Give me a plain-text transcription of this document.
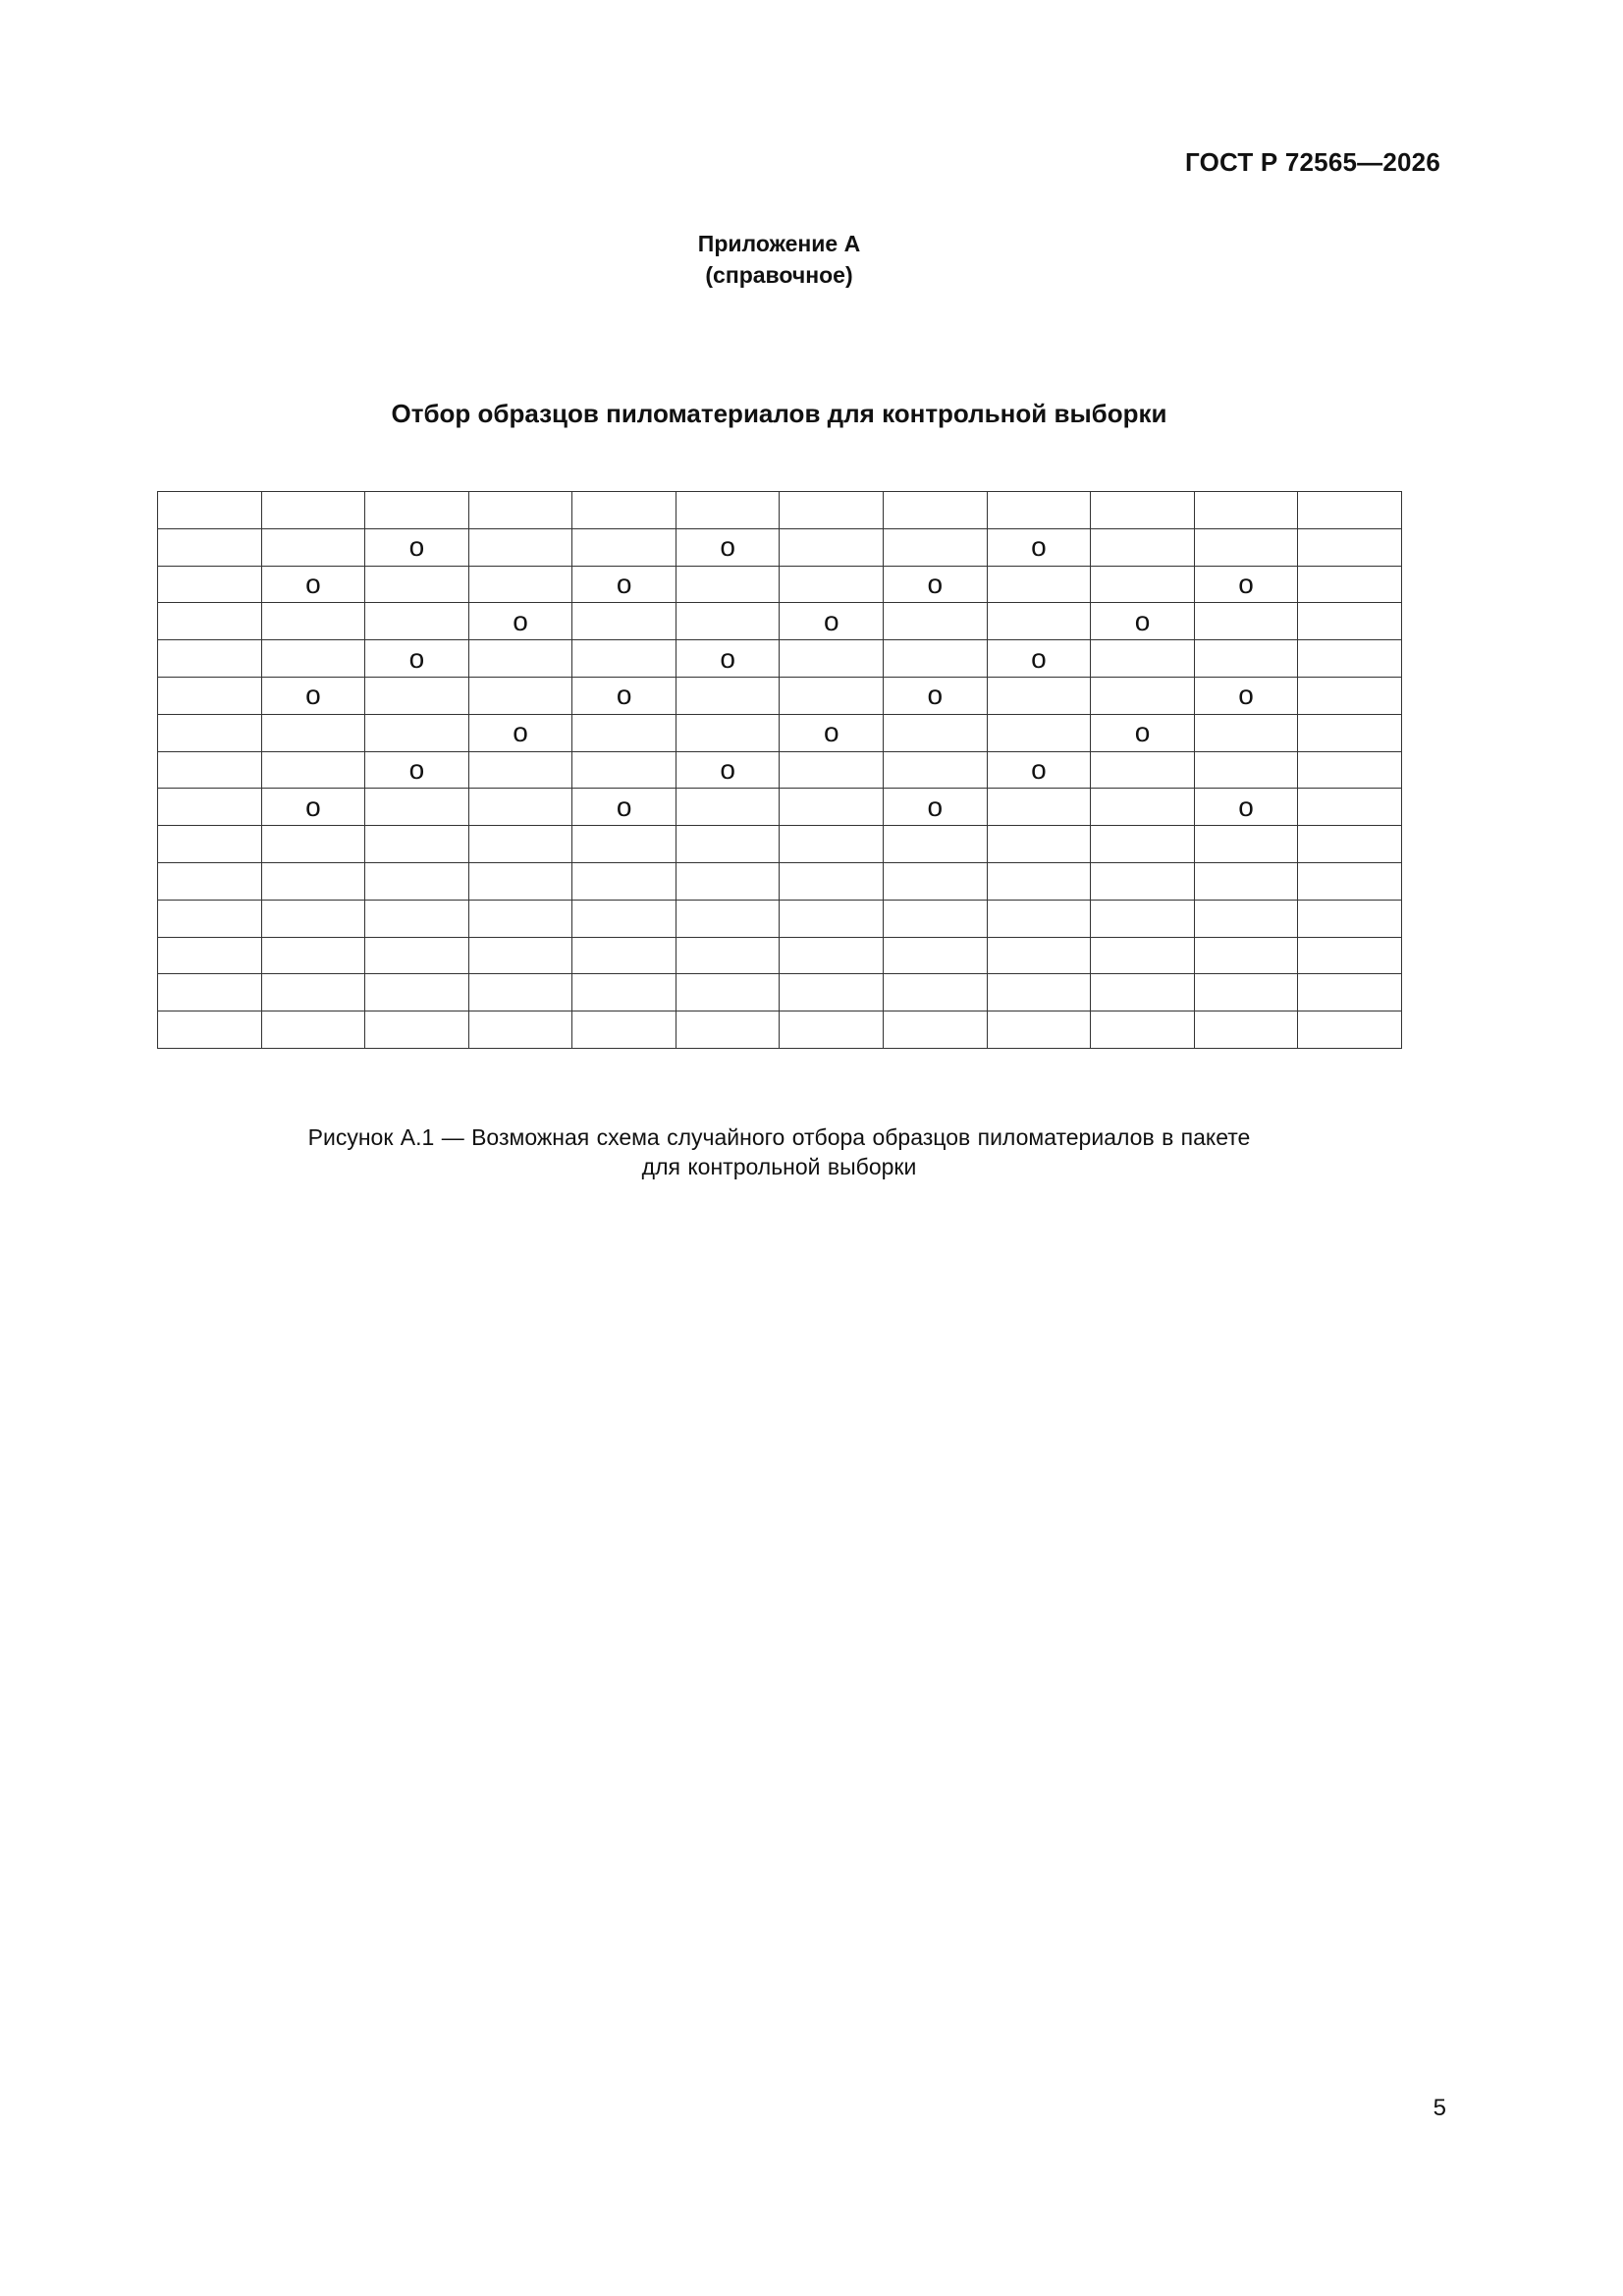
ГОСТ Р 72565—2026
Приложение А
(справочное)
Отбор образцов пиломатериалов для контрольной выборки

		о			о			о			
	о			о			о			о	
			о			о			о		
		о			о			о			
	о			о			о			о	
			о			о			о		
		о			о			о			
	о			о			о			о	

Рисунок А.1 — Возможная схема случайного отбора образцов пиломатериалов в пакете
для контрольной выборки
5
